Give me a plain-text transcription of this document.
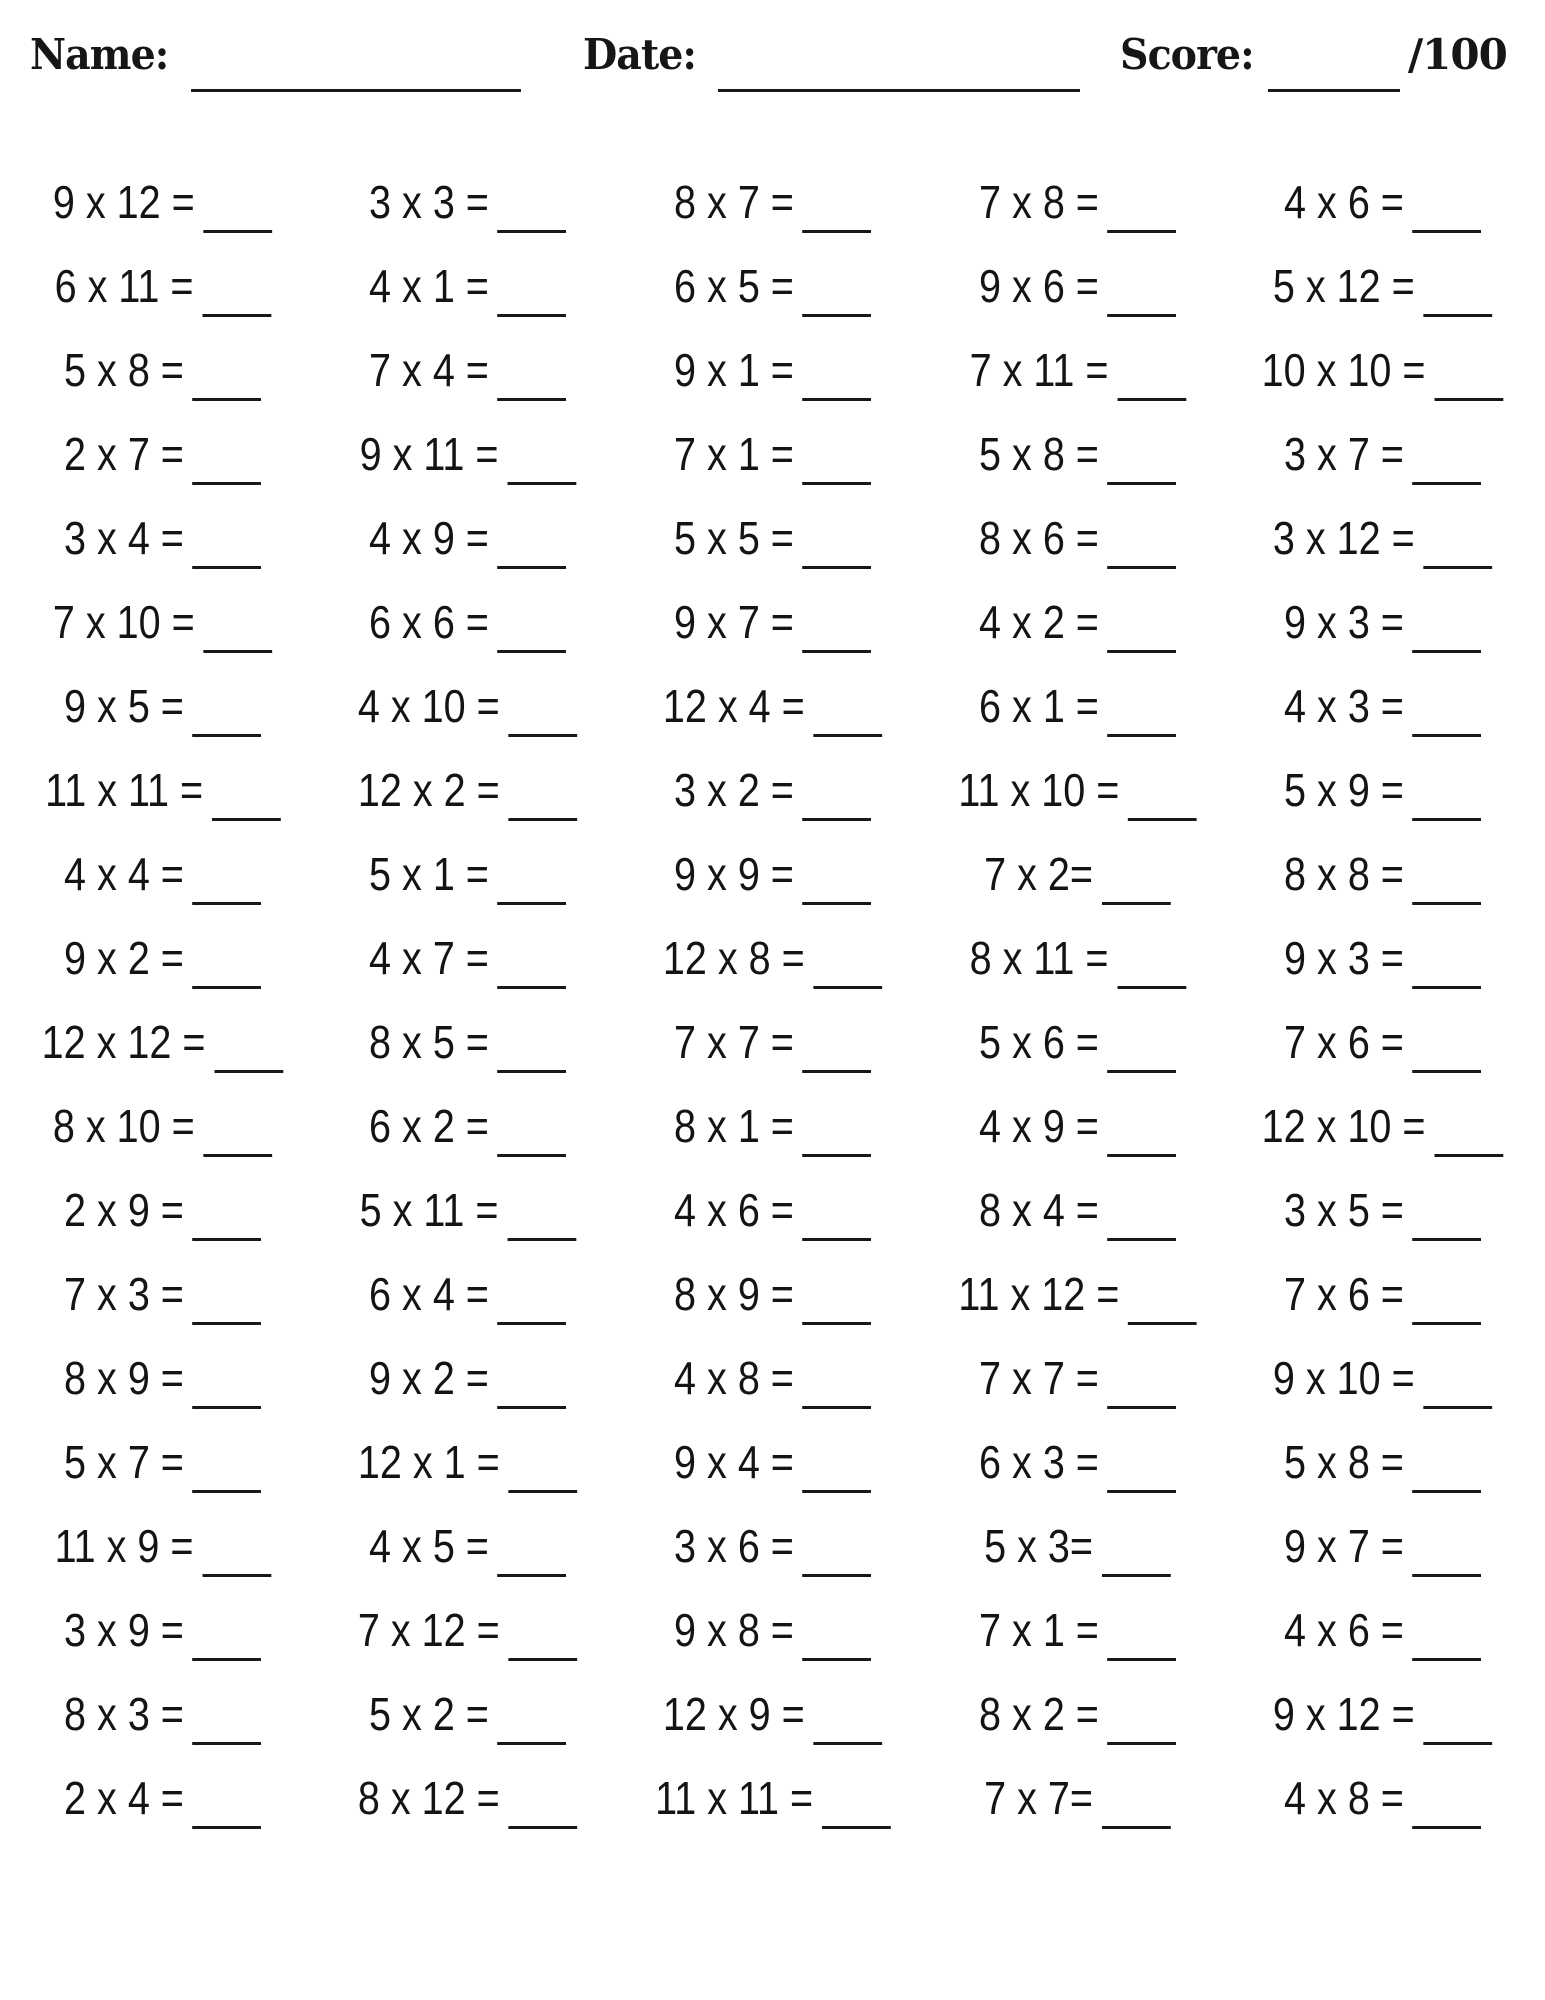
Name:	Date:	Score:	/100
9 x 12 =	3 x 3 =	8 x 7 =	7 x 8 =	4 x 6 =
6 x 11 =	4 x 1 =	6 x 5 =	9 x 6 =	5 x 12 =
5 x 8 =	7 x 4 =	9 x 1 =	7 x 11 =	10 x 10 =
2 x 7 =	9 x 11 =	7 x 1 =	5 x 8 =	3 x 7 =
3 x 4 =	4 x 9 =	5 x 5 =	8 x 6 =	3 x 12 =
7 x 10 =	6 x 6 =	9 x 7 =	4 x 2 =	9 x 3 =
9 x 5 =	4 x 10 =	12 x 4 =	6 x 1 =	4 x 3 =
11 x 11 =	12 x 2 =	3 x 2 =	11 x 10 =	5 x 9 =
4 x 4 =	5 x 1 =	9 x 9 =	7 x 2=	8 x 8 =
9 x 2 =	4 x 7 =	12 x 8 =	8 x 11 =	9 x 3 =
12 x 12 =	8 x 5 =	7 x 7 =	5 x 6 =	7 x 6 =
8 x 10 =	6 x 2 =	8 x 1 =	4 x 9 =	12 x 10 =
2 x 9 =	5 x 11 =	4 x 6 =	8 x 4 =	3 x 5 =
7 x 3 =	6 x 4 =	8 x 9 =	11 x 12 =	7 x 6 =
8 x 9 =	9 x 2 =	4 x 8 =	7 x 7 =	9 x 10 =
5 x 7 =	12 x 1 =	9 x 4 =	6 x 3 =	5 x 8 =
11 x 9 =	4 x 5 =	3 x 6 =	5 x 3=	9 x 7 =
3 x 9 =	7 x 12 =	9 x 8 =	7 x 1 =	4 x 6 =
8 x 3 =	5 x 2 =	12 x 9 =	8 x 2 =	9 x 12 =
2 x 4 =	8 x 12 =	11 x 11 =	7 x 7=	4 x 8 =
